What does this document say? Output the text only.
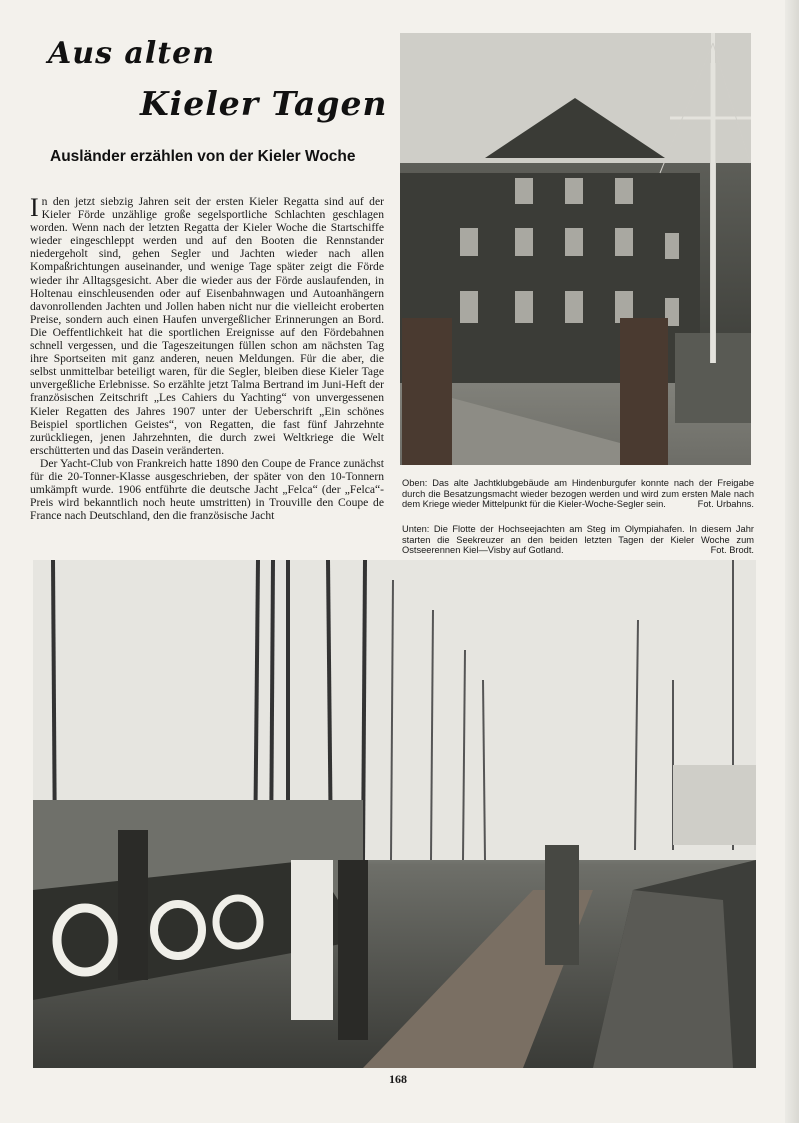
Aus alten
Kieler Tagen
Ausländer erzählen von der Kieler Woche

In den jetzt siebzig Jahren seit der ersten Kieler Regatta sind auf der Kieler Förde unzählige große segelsportliche Schlachten geschlagen worden. Wenn nach der letzten Regatta der Kieler Woche die Startschiffe wieder eingeschleppt werden und auf den Booten die Rennstander niedergeholt sind, gehen Segler und Jachten wieder nach allen Kompaßrichtungen auseinander, und wenige Tage später zeigt die Förde wieder ihr Alltagsgesicht. Aber die wieder aus der Förde auslaufenden, in Holtenau einschleusenden oder auf Eisenbahnwagen und Autoanhängern davonrollenden Jachten und Jollen haben nicht nur die vielleicht eroberten Preise, sondern auch einen Haufen unvergeßlicher Erinnerungen an Bord. Die Oeffentlichkeit hat die sportlichen Ereignisse auf den Fördebahnen schnell vergessen, und die Tageszeitungen füllen schon am nächsten Tag ihre Sportseiten mit ganz anderen, neuen Meldungen. Für die aber, die selbst unmittelbar beteiligt waren, für die Segler, bleiben diese Kieler Tage unvergeßliche Erlebnisse. So erzählte jetzt Talma Bertrand im Juni-Heft der französischen Zeitschrift „Les Cahiers du Yachting“ von unvergessenen Kieler Regatten des Jahres 1907 unter der Ueberschrift „Ein schönes Beispiel sportlichen Geistes“, von Regatten, die fast fünf Jahrzehnte zurückliegen, jenen Jahrzehnten, die durch zwei Weltkriege die Welt erschütterten und das Dasein veränderten.

Der Yacht-Club von Frankreich hatte 1890 den Coupe de France zunächst für die 20-Tonner-Klasse ausgeschrieben, der später von den 10-Tonnern umkämpft wurde. 1906 entführte die deutsche Jacht „Felca“ (der „Felca“-Preis wird bekanntlich noch heute umstritten) in Trouville den Coupe de France nach Deutschland, den die französische Jacht

Oben: Das alte Jachtklubgebäude am Hindenburgufer konnte nach der Freigabe durch die Besatzungsmacht wieder bezogen werden und wird zum ersten Male nach dem Kriege wieder Mittelpunkt für die Kieler-Woche-Segler sein.	Fot. Urbahns.
Unten: Die Flotte der Hochseejachten am Steg im Olympiahafen. In diesem Jahr starten die Seekreuzer an den beiden letzten Tagen der Kieler Woche zum Ostseerennen Kiel—Visby auf Gotland.	Fot. Brodt.
168
